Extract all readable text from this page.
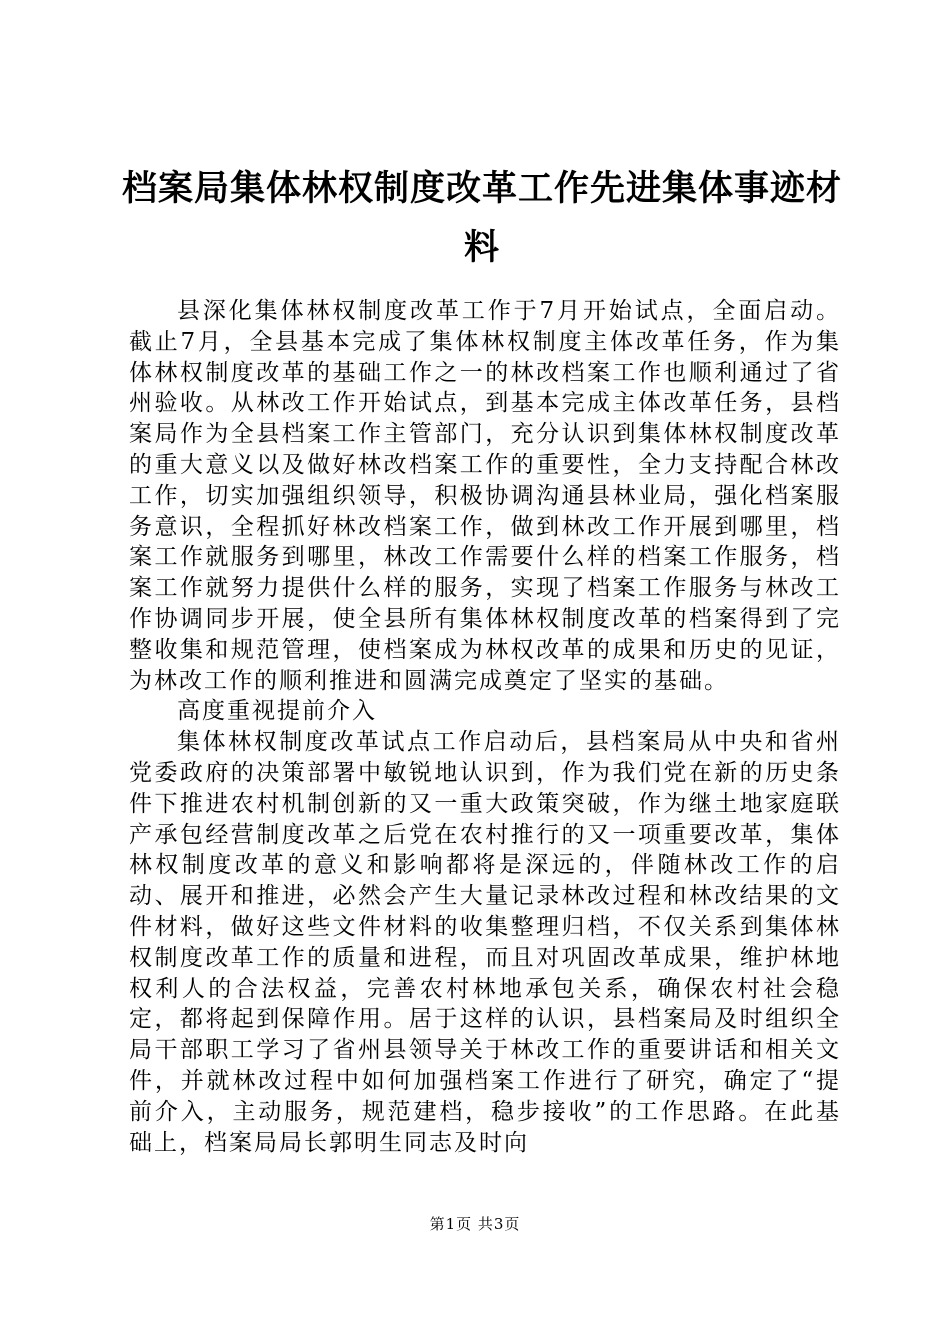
档案局集体林权制度改革工作先进集体事迹材料

县深化集体林权制度改革工作于7月开始试点，全面启动。截止7月，全县基本完成了集体林权制度主体改革任务，作为集体林权制度改革的基础工作之一的林改档案工作也顺利通过了省州验收。从林改工作开始试点，到基本完成主体改革任务，县档案局作为全县档案工作主管部门，充分认识到集体林权制度改革的重大意义以及做好林改档案工作的重要性，全力支持配合林改工作，切实加强组织领导，积极协调沟通县林业局，强化档案服务意识，全程抓好林改档案工作，做到林改工作开展到哪里，档案工作就服务到哪里，林改工作需要什么样的档案工作服务，档案工作就努力提供什么样的服务，实现了档案工作服务与林改工作协调同步开展，使全县所有集体林权制度改革的档案得到了完整收集和规范管理，使档案成为林权改革的成果和历史的见证，为林改工作的顺利推进和圆满完成奠定了坚实的基础。

高度重视提前介入

集体林权制度改革试点工作启动后，县档案局从中央和省州党委政府的决策部署中敏锐地认识到，作为我们党在新的历史条件下推进农村机制创新的又一重大政策突破，作为继土地家庭联产承包经营制度改革之后党在农村推行的又一项重要改革，集体林权制度改革的意义和影响都将是深远的，伴随林改工作的启动、展开和推进，必然会产生大量记录林改过程和林改结果的文件材料，做好这些文件材料的收集整理归档，不仅关系到集体林权制度改革工作的质量和进程，而且对巩固改革成果，维护林地权利人的合法权益，完善农村林地承包关系，确保农村社会稳定，都将起到保障作用。居于这样的认识，县档案局及时组织全局干部职工学习了省州县领导关于林改工作的重要讲话和相关文件，并就林改过程中如何加强档案工作进行了研究，确定了“提前介入，主动服务，规范建档，稳步接收”的工作思路。在此基础上，档案局局长郭明生同志及时向

第1页 共3页
